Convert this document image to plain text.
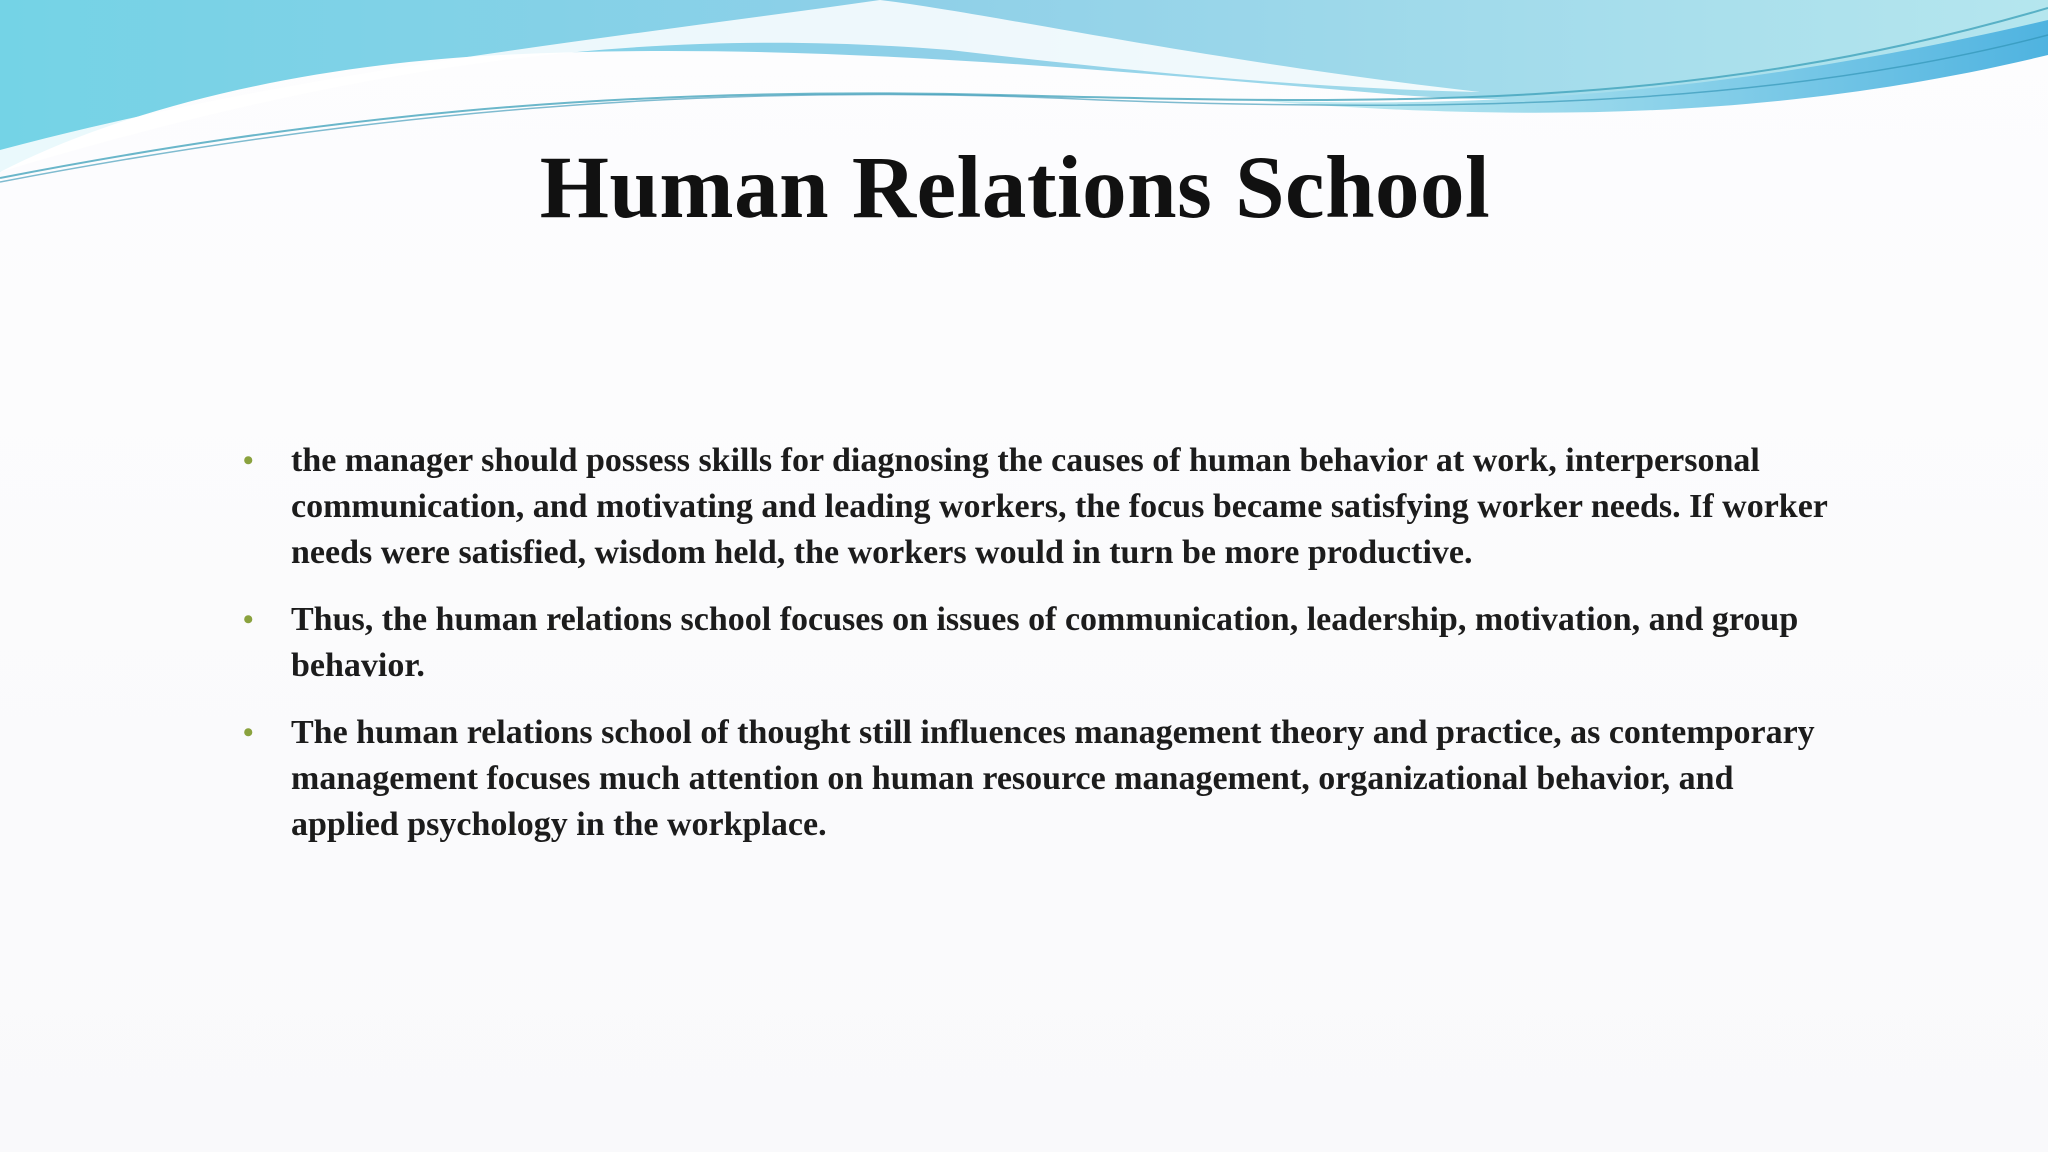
Human Relations School
• the manager should possess skills for diagnosing the causes of human behavior at work, interpersonal communication, and motivating and leading workers, the focus became satisfying worker needs. If worker needs were satisfied, wisdom held, the workers would in turn be more productive.
• Thus, the human relations school focuses on issues of communication, leadership, motivation, and group behavior.
• The human relations school of thought still influences management theory and practice, as contemporary management focuses much attention on human resource management, organizational behavior, and applied psychology in the workplace.
